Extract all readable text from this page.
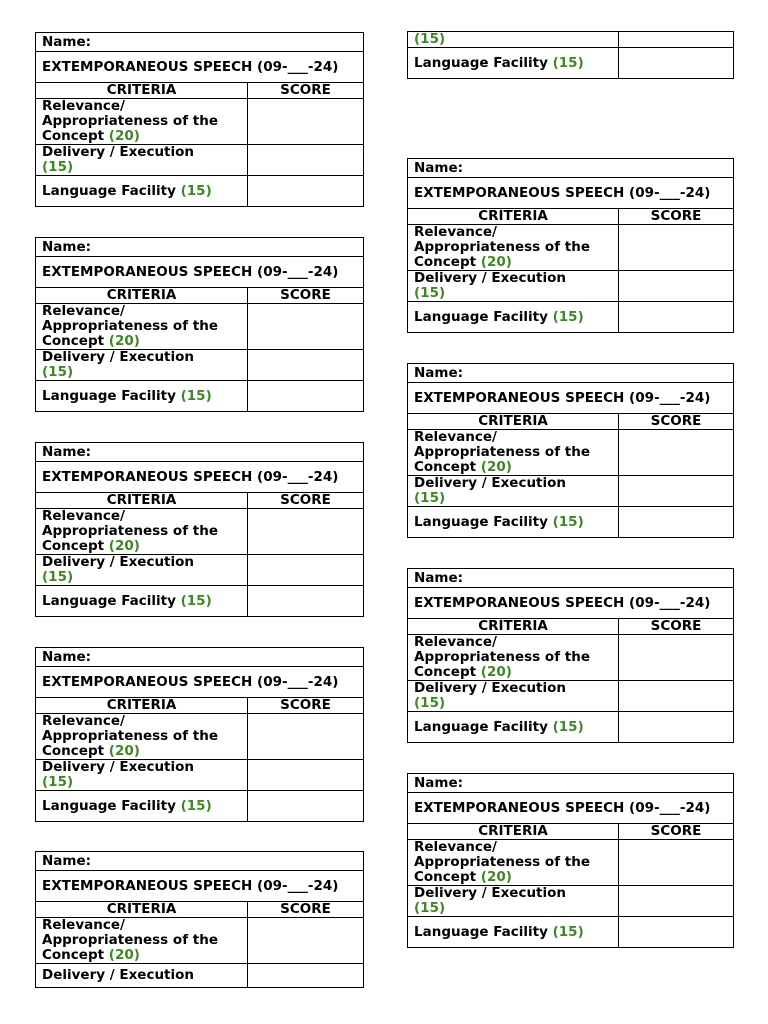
(15)	
Language Facility (15)	
Name:	
EXTEMPORANEOUS SPEECH (09-___-24)	
CRITERIA	SCORE
Relevance/ Appropriateness of the Concept (20)	
Delivery / Execution
(15)	
Language Facility (15)	
Name:	
EXTEMPORANEOUS SPEECH (09-___-24)	
CRITERIA	SCORE
Relevance/ Appropriateness of the Concept (20)	
Delivery / Execution
(15)	
Language Facility (15)	
Name:	
EXTEMPORANEOUS SPEECH (09-___-24)	
CRITERIA	SCORE
Relevance/ Appropriateness of the Concept (20)	
Delivery / Execution
(15)	
Language Facility (15)	
Name:	
EXTEMPORANEOUS SPEECH (09-___-24)	
CRITERIA	SCORE
Relevance/ Appropriateness of the Concept (20)	
Delivery / Execution
(15)	
Language Facility (15)	
Name:	
EXTEMPORANEOUS SPEECH (09-___-24)	
CRITERIA	SCORE
Relevance/ Appropriateness of the Concept (20)	
Delivery / Execution	
Name:	
EXTEMPORANEOUS SPEECH (09-___-24)	
CRITERIA	SCORE
Relevance/ Appropriateness of the Concept (20)	
Delivery / Execution
(15)	
Language Facility (15)	
Name:	
EXTEMPORANEOUS SPEECH (09-___-24)	
CRITERIA	SCORE
Relevance/ Appropriateness of the Concept (20)	
Delivery / Execution
(15)	
Language Facility (15)	
Name:	
EXTEMPORANEOUS SPEECH (09-___-24)	
CRITERIA	SCORE
Relevance/ Appropriateness of the Concept (20)	
Delivery / Execution
(15)	
Language Facility (15)	
Name:	
EXTEMPORANEOUS SPEECH (09-___-24)	
CRITERIA	SCORE
Relevance/ Appropriateness of the Concept (20)	
Delivery / Execution
(15)	
Language Facility (15)	
